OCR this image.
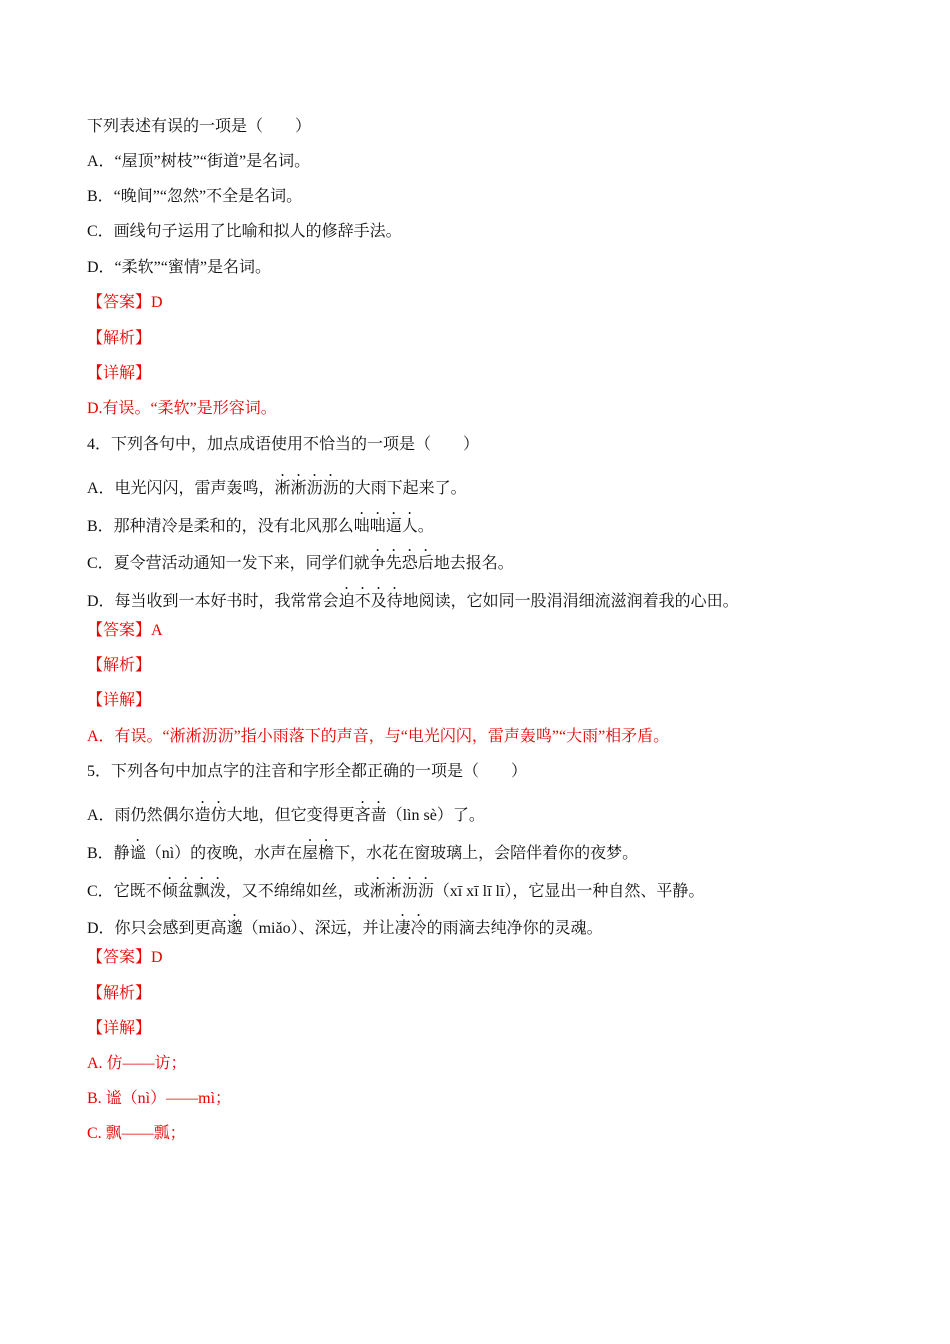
下列表述有误的一项是（　　）
A．“屋顶”树枝”“街道”是名词。
B．“晚间”“忽然”不全是名词。
C．画线句子运用了比喻和拟人的修辞手法。
D．“柔软”“蜜情”是名词。
【答案】D
【解析】
【详解】
D.有误。“柔软”是形容词。
4．下列各句中，加点成语使用不恰当的一项是（　　）
A．电光闪闪，雷声轰鸣，淅淅沥沥的大雨下起来了。
B．那种清冷是柔和的，没有北风那么咄咄逼人。
C．夏令营活动通知一发下来，同学们就争先恐后地去报名。
D．每当收到一本好书时，我常常会迫不及待地阅读，它如同一股涓涓细流滋润着我的心田。
【答案】A
【解析】
【详解】
A．有误。“淅淅沥沥”指小雨落下的声音，与“电光闪闪，雷声轰鸣”“大雨”相矛盾。
5．下列各句中加点字的注音和字形全都正确的一项是（　　）
A．雨仍然偶尔造仿大地，但它变得更吝啬（lìn sè）了。
B．静谧（nì）的夜晚，水声在屋檐下，水花在窗玻璃上，会陪伴着你的夜梦。
C．它既不倾盆飘泼，又不绵绵如丝，或淅淅沥沥（xī xī lī lī），它显出一种自然、平静。
D．你只会感到更高邈（miǎo）、深远，并让凄冷的雨滴去纯净你的灵魂。
【答案】D
【解析】
【详解】
A. 仿——访；
B. 谧（nì）——mì；
C. 飘——瓢；
